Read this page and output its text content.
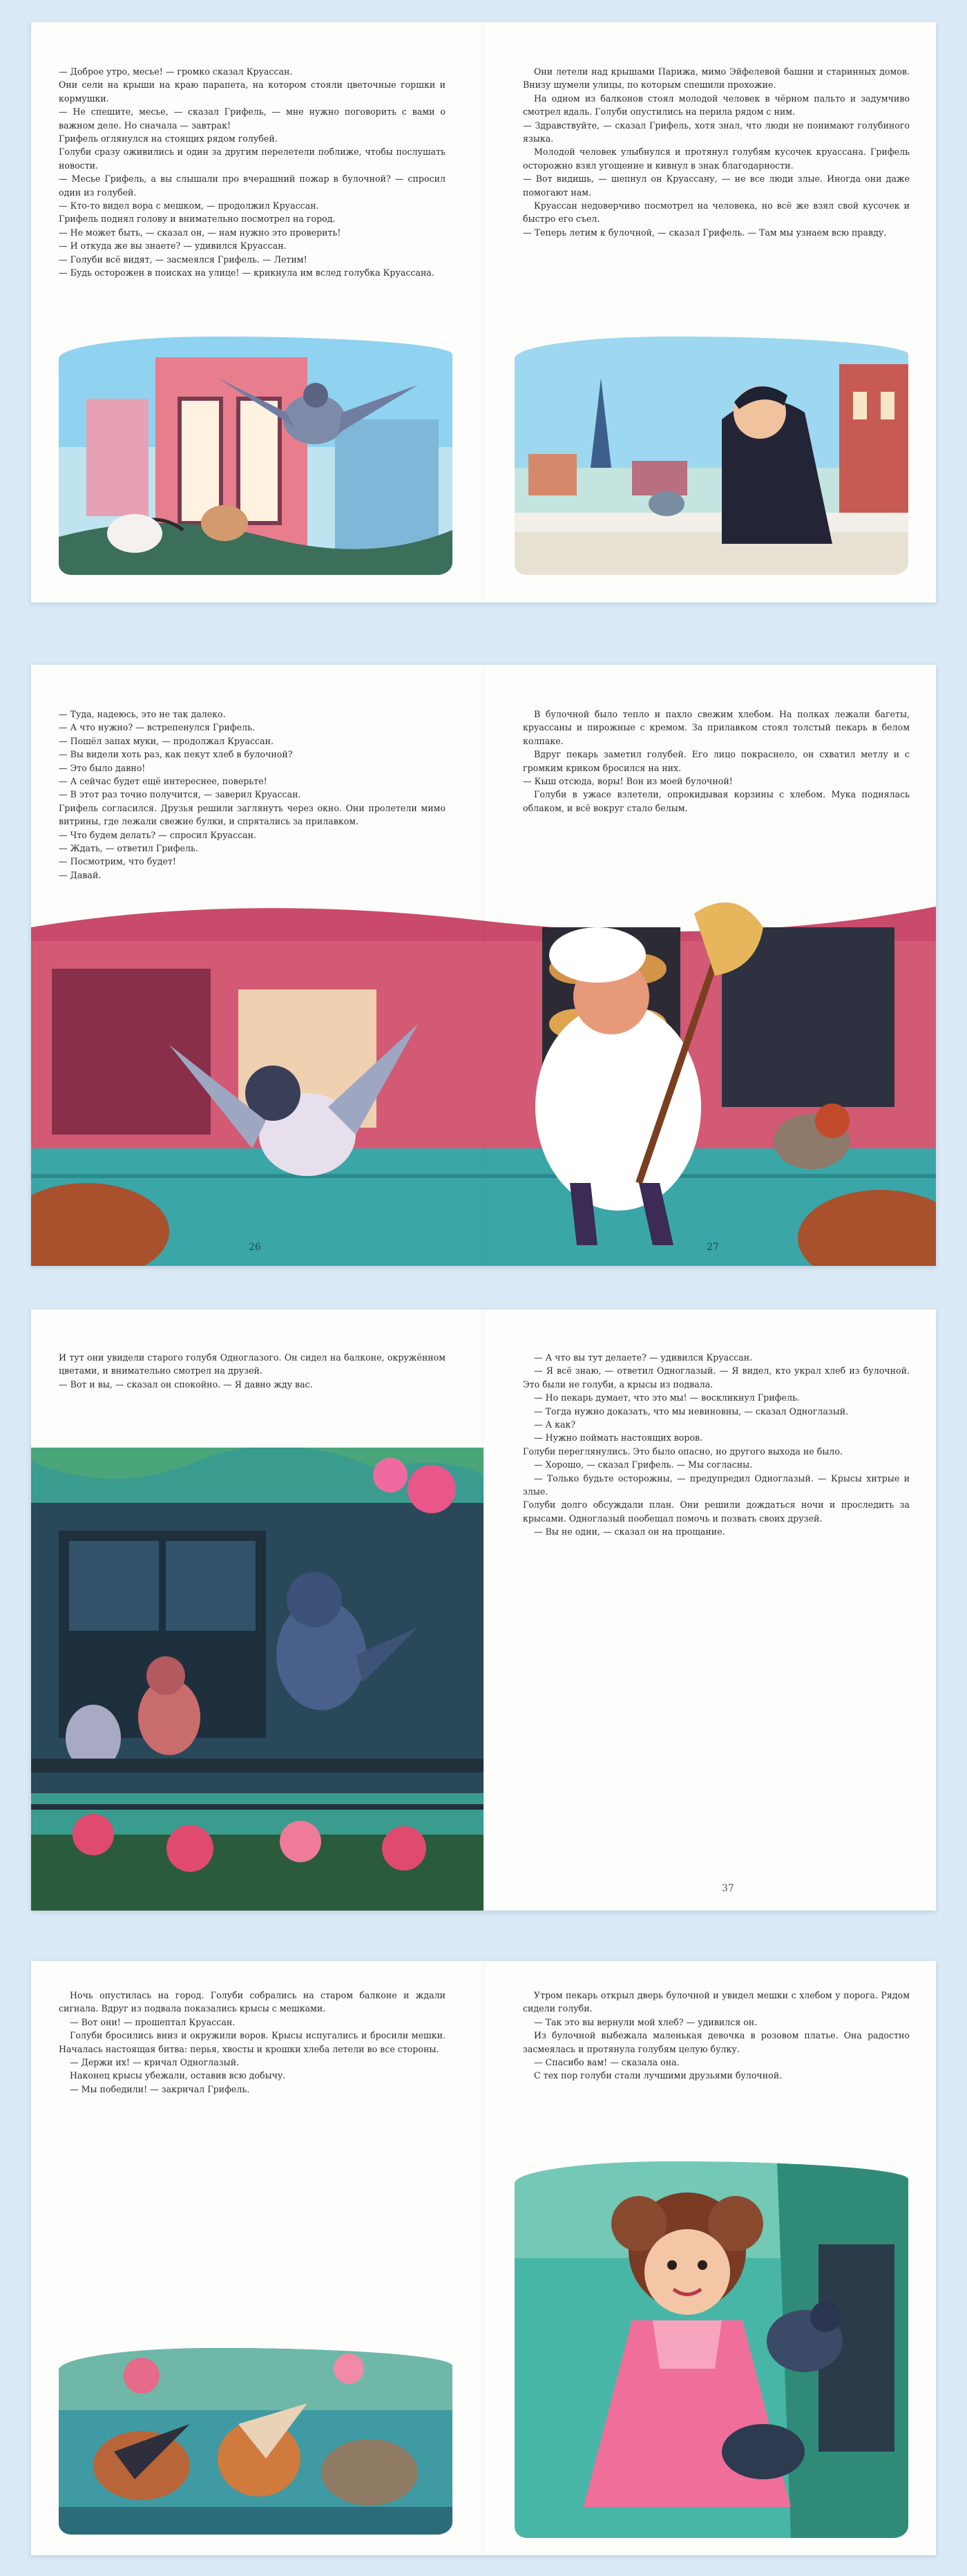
— Доброе утро, месье! — громко сказал Круассан.

Они сели на крыши на краю парапета, на котором стояли цветочные горшки и кормушки.

— Не спешите, месье, — сказал Грифель, — мне нужно поговорить с вами о важном деле. Но сначала — завтрак!

Грифель оглянулся на стоящих рядом голубей.

Голуби сразу оживились и один за другим перелетели поближе, чтобы послушать новости.

— Месье Грифель, а вы слышали про вчерашний пожар в булочной? — спросил один из голубей.

— Кто-то видел вора с мешком, — продолжил Круассан.

Грифель поднял голову и внимательно посмотрел на город.

— Не может быть, — сказал он, — нам нужно это проверить!

— И откуда же вы знаете? — удивился Круассан.

— Голуби всё видят, — засмеялся Грифель. — Летим!

— Будь осторожен в поисках на улице! — крикнула им вслед голубка Круассана.

Они летели над крышами Парижа, мимо Эйфелевой башни и старинных домов. Внизу шумели улицы, по которым спешили прохожие.

На одном из балконов стоял молодой человек в чёрном пальто и задумчиво смотрел вдаль. Голуби опустились на перила рядом с ним.

— Здравствуйте, — сказал Грифель, хотя знал, что люди не понимают голубиного языка.

Молодой человек улыбнулся и протянул голубям кусочек круассана. Грифель осторожно взял угощение и кивнул в знак благодарности.

— Вот видишь, — шепнул он Круассану, — не все люди злые. Иногда они даже помогают нам.

Круассан недоверчиво посмотрел на человека, но всё же взял свой кусочек и быстро его съел.

— Теперь летим к булочной, — сказал Грифель. — Там мы узнаем всю правду.

— Туда, надеюсь, это не так далеко.

— А что нужно? — встрепенулся Грифель.

— Пошёл запах муки, — продолжал Круассан.

— Вы видели хоть раз, как пекут хлеб в булочной?

— Это было давно!

— А сейчас будет ещё интереснее, поверьте!

— В этот раз точно получится, — заверил Круассан.

Грифель согласился. Друзья решили заглянуть через окно. Они пролетели мимо витрины, где лежали свежие булки, и спрятались за прилавком.

— Что будем делать? — спросил Круассан.

— Ждать, — ответил Грифель.

— Посмотрим, что будет!

— Давай.

В булочной было тепло и пахло свежим хлебом. На полках лежали багеты, круассаны и пирожные с кремом. За прилавком стоял толстый пекарь в белом колпаке.

Вдруг пекарь заметил голубей. Его лицо покраснело, он схватил метлу и с громким криком бросился на них.

— Кыш отсюда, воры! Вон из моей булочной!

Голуби в ужасе взлетели, опрокидывая корзины с хлебом. Мука поднялась облаком, и всё вокруг стало белым.

26	27

И тут они увидели старого голубя Одноглазого. Он сидел на балконе, окружённом цветами, и внимательно смотрел на друзей.

— Вот и вы, — сказал он спокойно. — Я давно жду вас.

— А что вы тут делаете? — удивился Круассан.

— Я всё знаю, — ответил Одноглазый. — Я видел, кто украл хлеб из булочной. Это были не голуби, а крысы из подвала.

— Но пекарь думает, что это мы! — воскликнул Грифель.

— Тогда нужно доказать, что мы невиновны, — сказал Одноглазый.

— А как?

— Нужно поймать настоящих воров.

Голуби переглянулись. Это было опасно, но другого выхода не было.

— Хорошо, — сказал Грифель. — Мы согласны.

— Только будьте осторожны, — предупредил Одноглазый. — Крысы хитрые и злые.

Голуби долго обсуждали план. Они решили дождаться ночи и проследить за крысами. Одноглазый пообещал помочь и позвать своих друзей.

— Вы не одни, — сказал он на прощание.

37

Ночь опустилась на город. Голуби собрались на старом балконе и ждали сигнала. Вдруг из подвала показались крысы с мешками.

— Вот они! — прошептал Круассан.

Голуби бросились вниз и окружили воров. Крысы испугались и бросили мешки. Началась настоящая битва: перья, хвосты и крошки хлеба летели во все стороны.

— Держи их! — кричал Одноглазый.

Наконец крысы убежали, оставив всю добычу.

— Мы победили! — закричал Грифель.

Утром пекарь открыл дверь булочной и увидел мешки с хлебом у порога. Рядом сидели голуби.

— Так это вы вернули мой хлеб? — удивился он.

Из булочной выбежала маленькая девочка в розовом платье. Она радостно засмеялась и протянула голубям целую булку.

— Спасибо вам! — сказала она.

С тех пор голуби стали лучшими друзьями булочной.
